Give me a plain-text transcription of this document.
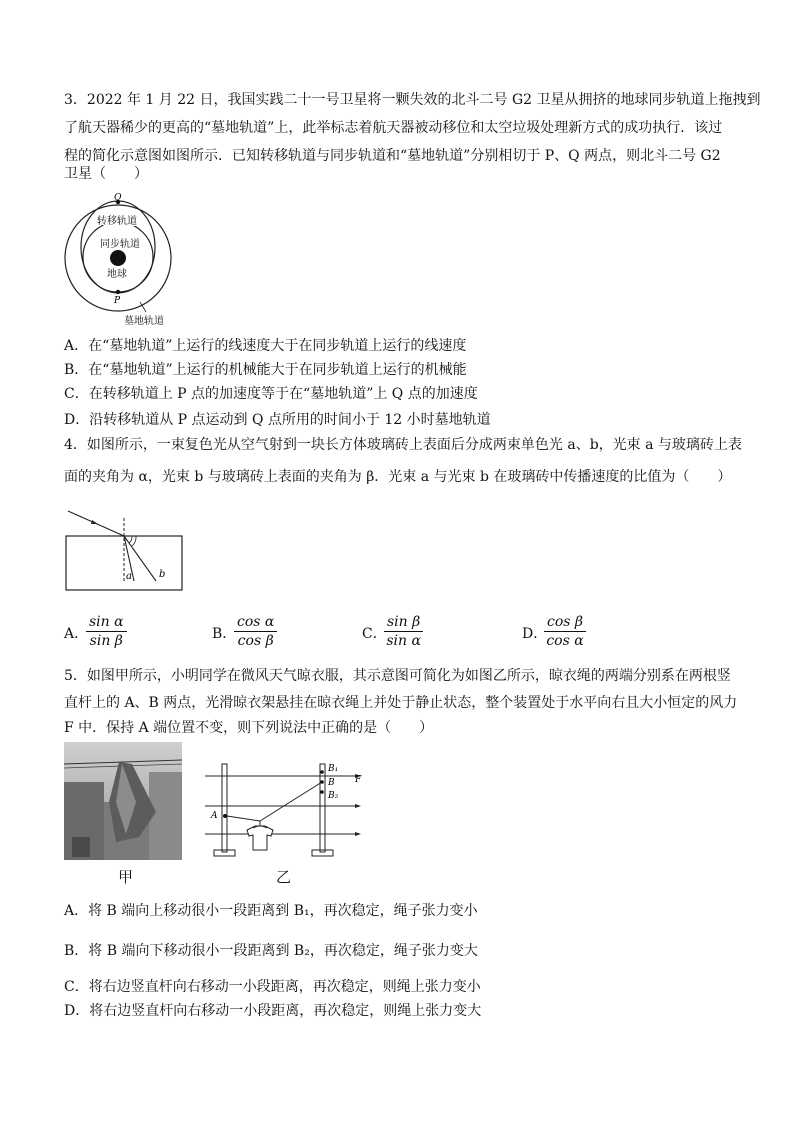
3．2022 年 1 月 22 日，我国实践二十一号卫星将一颗失效的北斗二号 G2 卫星从拥挤的地球同步轨道上拖拽到
了航天器稀少的更高的“墓地轨道”上，此举标志着航天器被动移位和太空垃圾处理新方式的成功执行．该过
程的简化示意图如图所示．已知转移轨道与同步轨道和“墓地轨道”分别相切于 P、Q 两点，则北斗二号 G2
卫星（　　）
Q
P
转移轨道
同步轨道
地球
墓地轨道
A．在“墓地轨道”上运行的线速度大于在同步轨道上运行的线速度
B．在“墓地轨道”上运行的机械能大于在同步轨道上运行的机械能
C．在转移轨道上 P 点的加速度等于在“墓地轨道”上 Q 点的加速度
D．沿转移轨道从 P 点运动到 Q 点所用的时间小于 12 小时墓地轨道
4．如图所示，一束复色光从空气射到一块长方体玻璃砖上表面后分成两束单色光 a、b，光束 a 与玻璃砖上表
面的夹角为 α，光束 b 与玻璃砖上表面的夹角为 β．光束 a 与光束 b 在玻璃砖中传播速度的比值为（　　）
a	b
A．
$\frac{\text{sin α}}{\text{sin β}}$	B．
$\frac{\text{cos α}}{\text{cos β}}$	C．
$\frac{\text{sin β}}{\text{sin α}}$	D．
$\frac{\text{cos β}}{\text{cos α}}$
5．如图甲所示，小明同学在微风天气晾衣服，其示意图可简化为如图乙所示，晾衣绳的两端分别系在两根竖
直杆上的 A、B 两点，光滑晾衣架悬挂在晾衣绳上并处于静止状态，整个装置处于水平向右且大小恒定的风力
F 中．保持 A 端位置不变，则下列说法中正确的是（　　）
甲
B₁
B
B₂
A
F
乙
A．将 B 端向上移动很小一段距离到 B₁，再次稳定，绳子张力变小
B．将 B 端向下移动很小一段距离到 B₂，再次稳定，绳子张力变大
C．将右边竖直杆向右移动一小段距离，再次稳定，则绳上张力变小
D．将右边竖直杆向右移动一小段距离，再次稳定，则绳上张力变大
